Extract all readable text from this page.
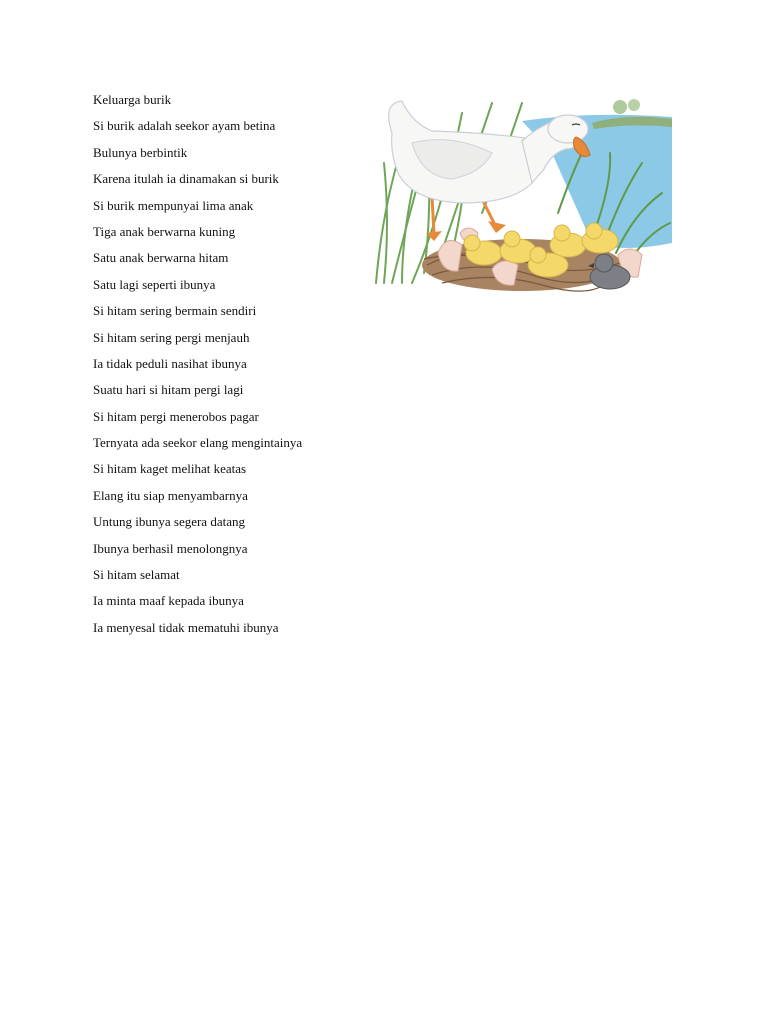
Keluarga burik
Si burik adalah seekor ayam betina
Bulunya berbintik
Karena itulah ia dinamakan si burik
Si burik mempunyai lima anak
Tiga anak berwarna kuning
Satu anak berwarna hitam
Satu lagi seperti ibunya
Si hitam sering bermain sendiri
Si hitam sering pergi menjauh
Ia tidak peduli nasihat ibunya
Suatu hari si hitam pergi lagi
Si hitam pergi menerobos pagar
Ternyata ada seekor elang mengintainya
Si hitam kaget melihat keatas
Elang itu siap menyambarnya
Untung ibunya segera datang
Ibunya berhasil menolongnya
Si hitam selamat
Ia minta maaf kepada ibunya
Ia menyesal tidak mematuhi ibunya
